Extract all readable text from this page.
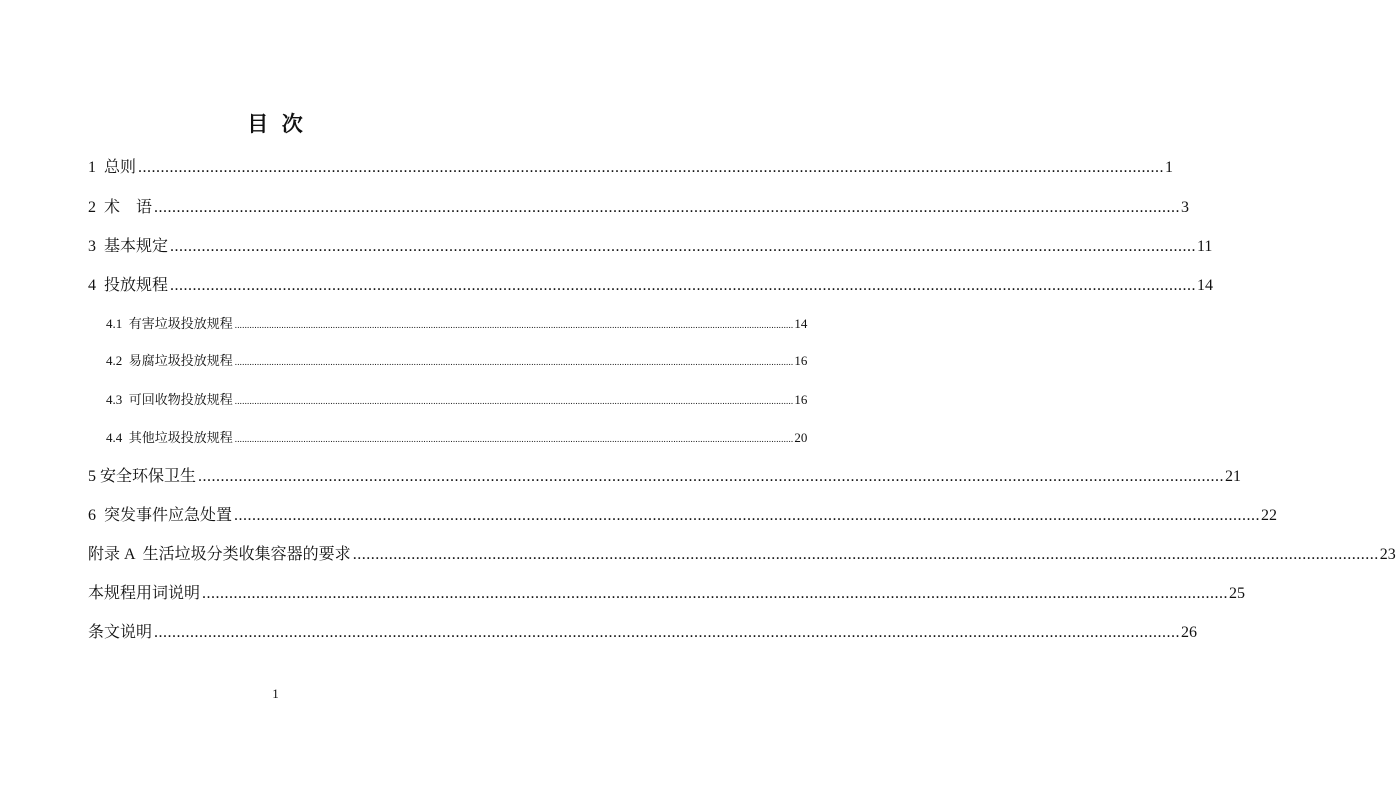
目  次
1  总则 .................................................................................................................................................................................................................................... 1
2  术    语 .................................................................................................................................................................................................................................... 3
3  基本规定 .................................................................................................................................................................................................................................... 11
4  投放规程 .................................................................................................................................................................................................................................... 14
4.1  有害垃圾投放规程 .................................................................................................................................................................................................................................... 14
4.2  易腐垃圾投放规程 .................................................................................................................................................................................................................................... 16
4.3  可回收物投放规程 .................................................................................................................................................................................................................................... 16
4.4  其他垃圾投放规程 .................................................................................................................................................................................................................................... 20
5 安全环保卫生 .................................................................................................................................................................................................................................... 21
6  突发事件应急处置 .................................................................................................................................................................................................................................... 22
附录 A  生活垃圾分类收集容器的要求 .................................................................................................................................................................................................................................... 23
本规程用词说明 .................................................................................................................................................................................................................................... 25
条文说明 .................................................................................................................................................................................................................................... 26
1
